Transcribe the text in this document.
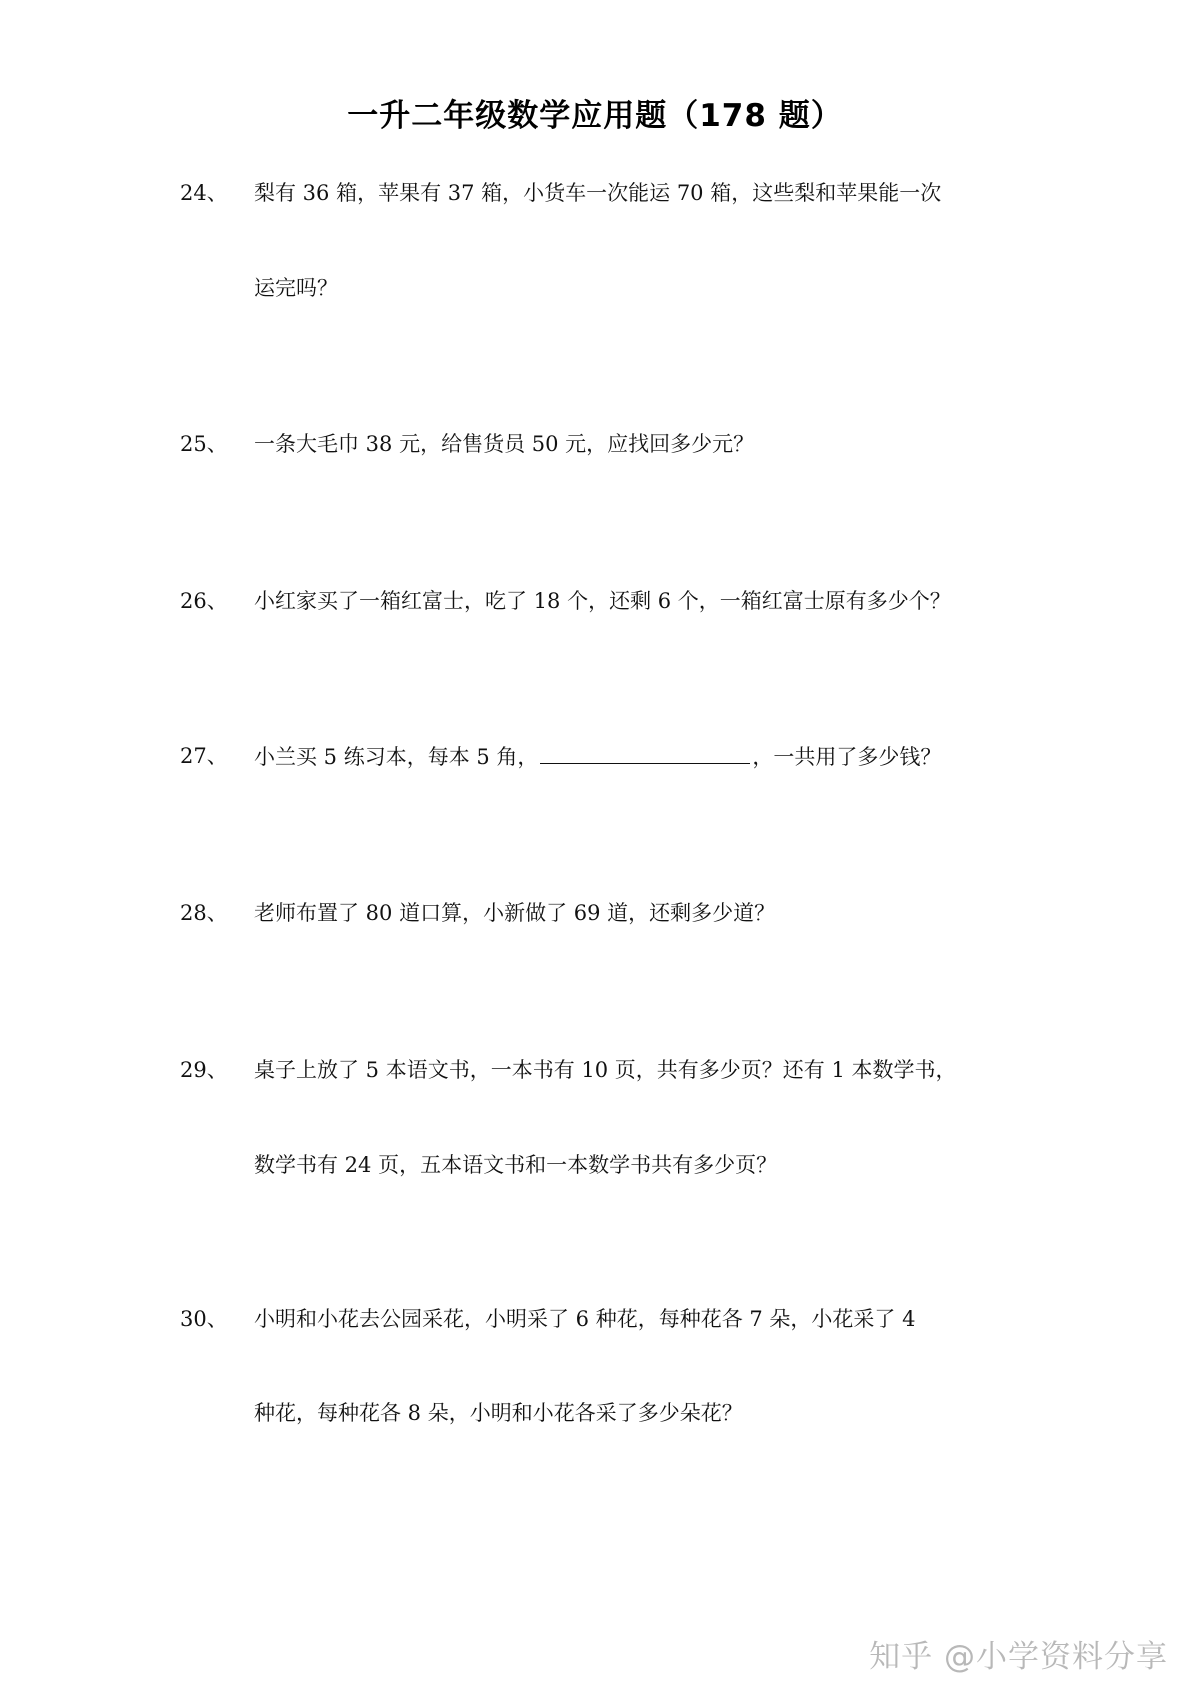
一升二年级数学应用题（178 题）
24、 梨有 36 箱，苹果有 37 箱，小货车一次能运 70 箱，这些梨和苹果能一次
运完吗？
25、 一条大毛巾 38 元，给售货员 50 元，应找回多少元？
26、 小红家买了一箱红富士，吃了 18 个，还剩 6 个，一箱红富士原有多少个？
27、 小兰买 5 练习本，每本 5 角，	，一共用了多少钱？
28、 老师布置了 80 道口算，小新做了 69 道，还剩多少道？
29、 桌子上放了 5 本语文书，一本书有 10 页，共有多少页？还有 1 本数学书，
数学书有 24 页，五本语文书和一本数学书共有多少页？
30、 小明和小花去公园采花，小明采了 6 种花，每种花各 7 朵，小花采了 4
种花，每种花各 8 朵，小明和小花各采了多少朵花？
知乎 @小学资料分享
